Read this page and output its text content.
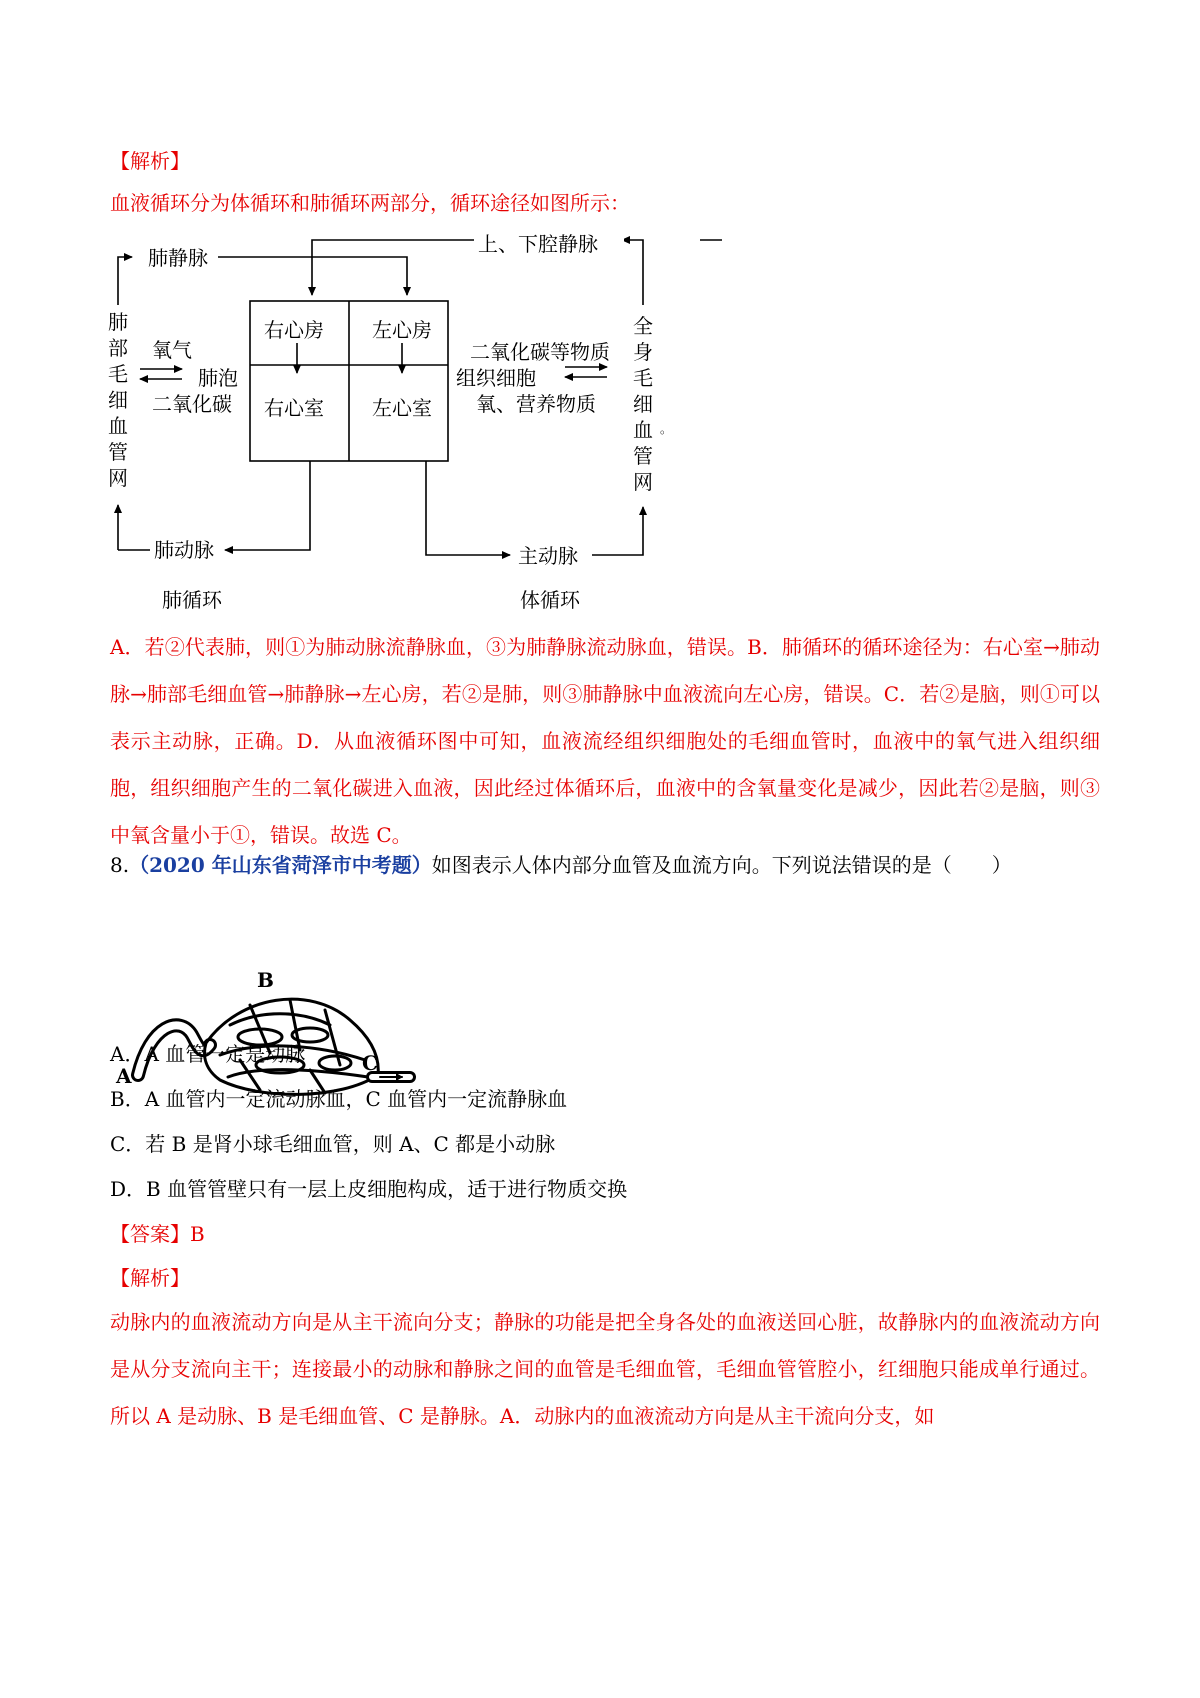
【解析】

血液循环分为体循环和肺循环两部分，循环途径如图所示：

肺静脉
上、下腔静脉
右心房 左心房
右心室 左心室
肺
部
毛
细
血
管
网
全
身
毛
细
血
管
网
。
氧气
肺泡
二氧化碳
二氧化碳等物质
组织细胞
氧、营养物质
肺动脉	主动脉
肺循环	体循环

A．若②代表肺，则①为肺动脉流静脉血，③为肺静脉流动脉血，错误。B．肺循环的循环途径为：右心室→肺动脉→肺部毛细血管→肺静脉→左心房，若②是肺，则③肺静脉中血液流向左心房，错误。C．若②是脑，则①可以表示主动脉，正确。D．从血液循环图中可知，血液流经组织细胞处的毛细血管时，血液中的氧气进入组织细胞，组织细胞产生的二氧化碳进入血液，因此经过体循环后，血液中的含氧量变化是减少，因此若②是脑，则③中氧含量小于①，错误。故选 C。

8.（2020 年山东省菏泽市中考题）如图表示人体内部分血管及血流方向。下列说法错误的是（　　）

A
B
C

A．A 血管一定是动脉

B．A 血管内一定流动脉血，C 血管内一定流静脉血

C．若 B 是肾小球毛细血管，则 A、C 都是小动脉

D．B 血管管壁只有一层上皮细胞构成，适于进行物质交换

【答案】B

【解析】

动脉内的血液流动方向是从主干流向分支；静脉的功能是把全身各处的血液送回心脏，故静脉内的血液流动方向是从分支流向主干；连接最小的动脉和静脉之间的血管是毛细血管，毛细血管管腔小，红细胞只能成单行通过。所以 A 是动脉、B 是毛细血管、C 是静脉。A．动脉内的血液流动方向是从主干流向分支，如
